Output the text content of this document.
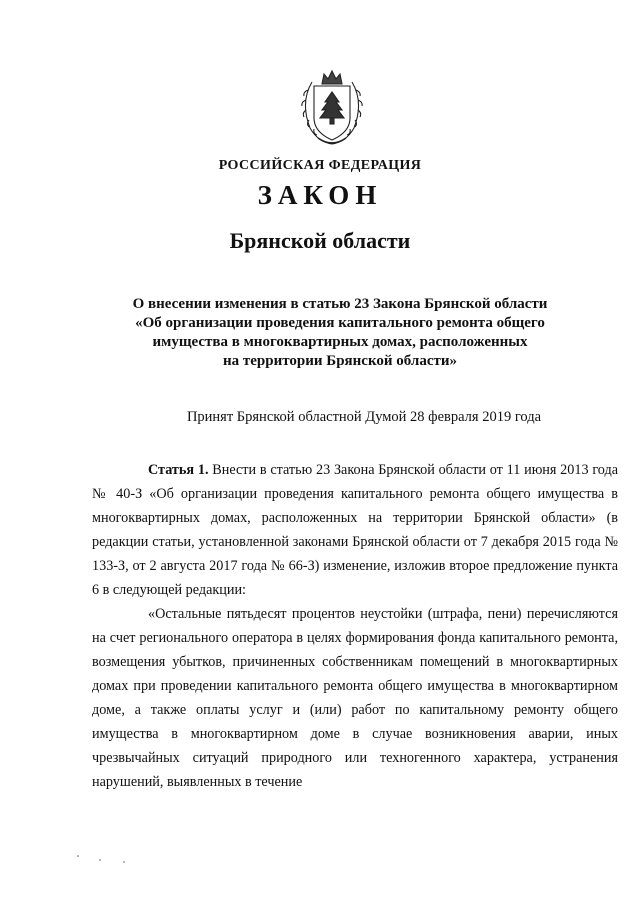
РОССИЙСКАЯ ФЕДЕРАЦИЯ
ЗАКОН
Брянской области
О внесении изменения в статью 23 Закона Брянской области
«Об организации проведения капитального ремонта общего
имущества в многоквартирных домах, расположенных
на территории Брянской области»
Принят Брянской областной Думой 28 февраля 2019 года

Статья 1. Внести в статью 23 Закона Брянской области от 11 июня 2013 года № 40-З «Об организации проведения капитального ремонта общего имущества в многоквартирных домах, расположенных на территории Брянской области» (в редакции статьи, установленной законами Брянской области от 7 декабря 2015 года № 133-З, от 2 августа 2017 года № 66-З) изменение, изложив второе предложение пункта 6 в следующей редакции:

«Остальные пятьдесят процентов неустойки (штрафа, пени) перечисляются на счет регионального оператора в целях формирования фонда капитального ремонта, возмещения убытков, причиненных собственникам помещений в многоквартирных домах при проведении капитального ремонта общего имущества в многоквартирном доме, а также оплаты услуг и (или) работ по капитальному ремонту общего имущества в многоквартирном доме в случае возникновения аварии, иных чрезвычайных ситуаций природного или техногенного характера, устранения нарушений, выявленных в течение
